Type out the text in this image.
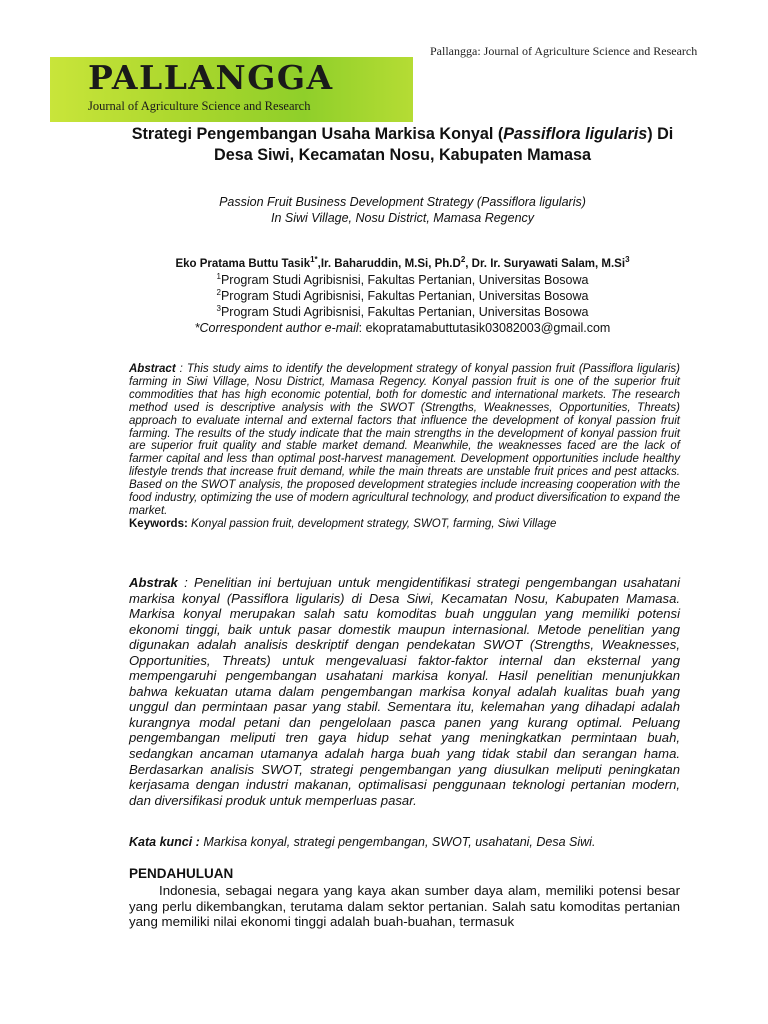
PALLANGGA
Journal of Agriculture Science and Research
Pallangga: Journal of Agriculture Science and Research
Strategi Pengembangan Usaha Markisa Konyal (Passiflora ligularis) Di Desa Siwi, Kecamatan Nosu, Kabupaten Mamasa
Passion Fruit Business Development Strategy (Passiflora ligularis)
In Siwi Village, Nosu District, Mamasa Regency
Eko Pratama Buttu Tasik$^{1*}$,Ir. Baharuddin, M.Si, $Ph.D^2$, Dr. Ir. Suryawati Salam, M.Si$^3$
$^1$Program Studi Agribisnisi, Fakultas Pertanian, Universitas Bosowa
$^2$Program Studi Agribisnisi, Fakultas Pertanian, Universitas Bosowa
$^3$Program Studi Agribisnisi, Fakultas Pertanian, Universitas Bosowa
*Correspondent author e-mail: ekopratamabuttutasik03082003@gmail.com
Abstract : This study aims to identify the development strategy of konyal passion fruit (Passiflora ligularis) farming in Siwi Village, Nosu District, Mamasa Regency. Konyal passion fruit is one of the superior fruit commodities that has high economic potential, both for domestic and international markets. The research method used is descriptive analysis with the SWOT (Strengths, Weaknesses, Opportunities, Threats) approach to evaluate internal and external factors that influence the development of konyal passion fruit farming. The results of the study indicate that the main strengths in the development of konyal passion fruit are superior fruit quality and stable market demand. Meanwhile, the weaknesses faced are the lack of farmer capital and less than optimal post-harvest management. Development opportunities include healthy lifestyle trends that increase fruit demand, while the main threats are unstable fruit prices and pest attacks. Based on the SWOT analysis, the proposed development strategies include increasing cooperation with the food industry, optimizing the use of modern agricultural technology, and product diversification to expand the market.
Keywords: Konyal passion fruit, development strategy, SWOT, farming, Siwi Village
Abstrak : Penelitian ini bertujuan untuk mengidentifikasi strategi pengembangan usahatani markisa konyal (Passiflora ligularis) di Desa Siwi, Kecamatan Nosu, Kabupaten Mamasa. Markisa konyal merupakan salah satu komoditas buah unggulan yang memiliki potensi ekonomi tinggi, baik untuk pasar domestik maupun internasional. Metode penelitian yang digunakan adalah analisis deskriptif dengan pendekatan SWOT (Strengths, Weaknesses, Opportunities, Threats) untuk mengevaluasi faktor-faktor internal dan eksternal yang mempengaruhi pengembangan usahatani markisa konyal. Hasil penelitian menunjukkan bahwa kekuatan utama dalam pengembangan markisa konyal adalah kualitas buah yang unggul dan permintaan pasar yang stabil. Sementara itu, kelemahan yang dihadapi adalah kurangnya modal petani dan pengelolaan pasca panen yang kurang optimal. Peluang pengembangan meliputi tren gaya hidup sehat yang meningkatkan permintaan buah, sedangkan ancaman utamanya adalah harga buah yang tidak stabil dan serangan hama. Berdasarkan analisis SWOT, strategi pengembangan yang diusulkan meliputi peningkatan kerjasama dengan industri makanan, optimalisasi penggunaan teknologi pertanian modern, dan diversifikasi produk untuk memperluas pasar.
Kata kunci : Markisa konyal, strategi pengembangan, SWOT, usahatani, Desa Siwi.
PENDAHULUAN
Indonesia, sebagai negara yang kaya akan sumber daya alam, memiliki potensi besar yang perlu dikembangkan, terutama dalam sektor pertanian. Salah satu komoditas pertanian yang memiliki nilai ekonomi tinggi adalah buah-buahan, termasuk
